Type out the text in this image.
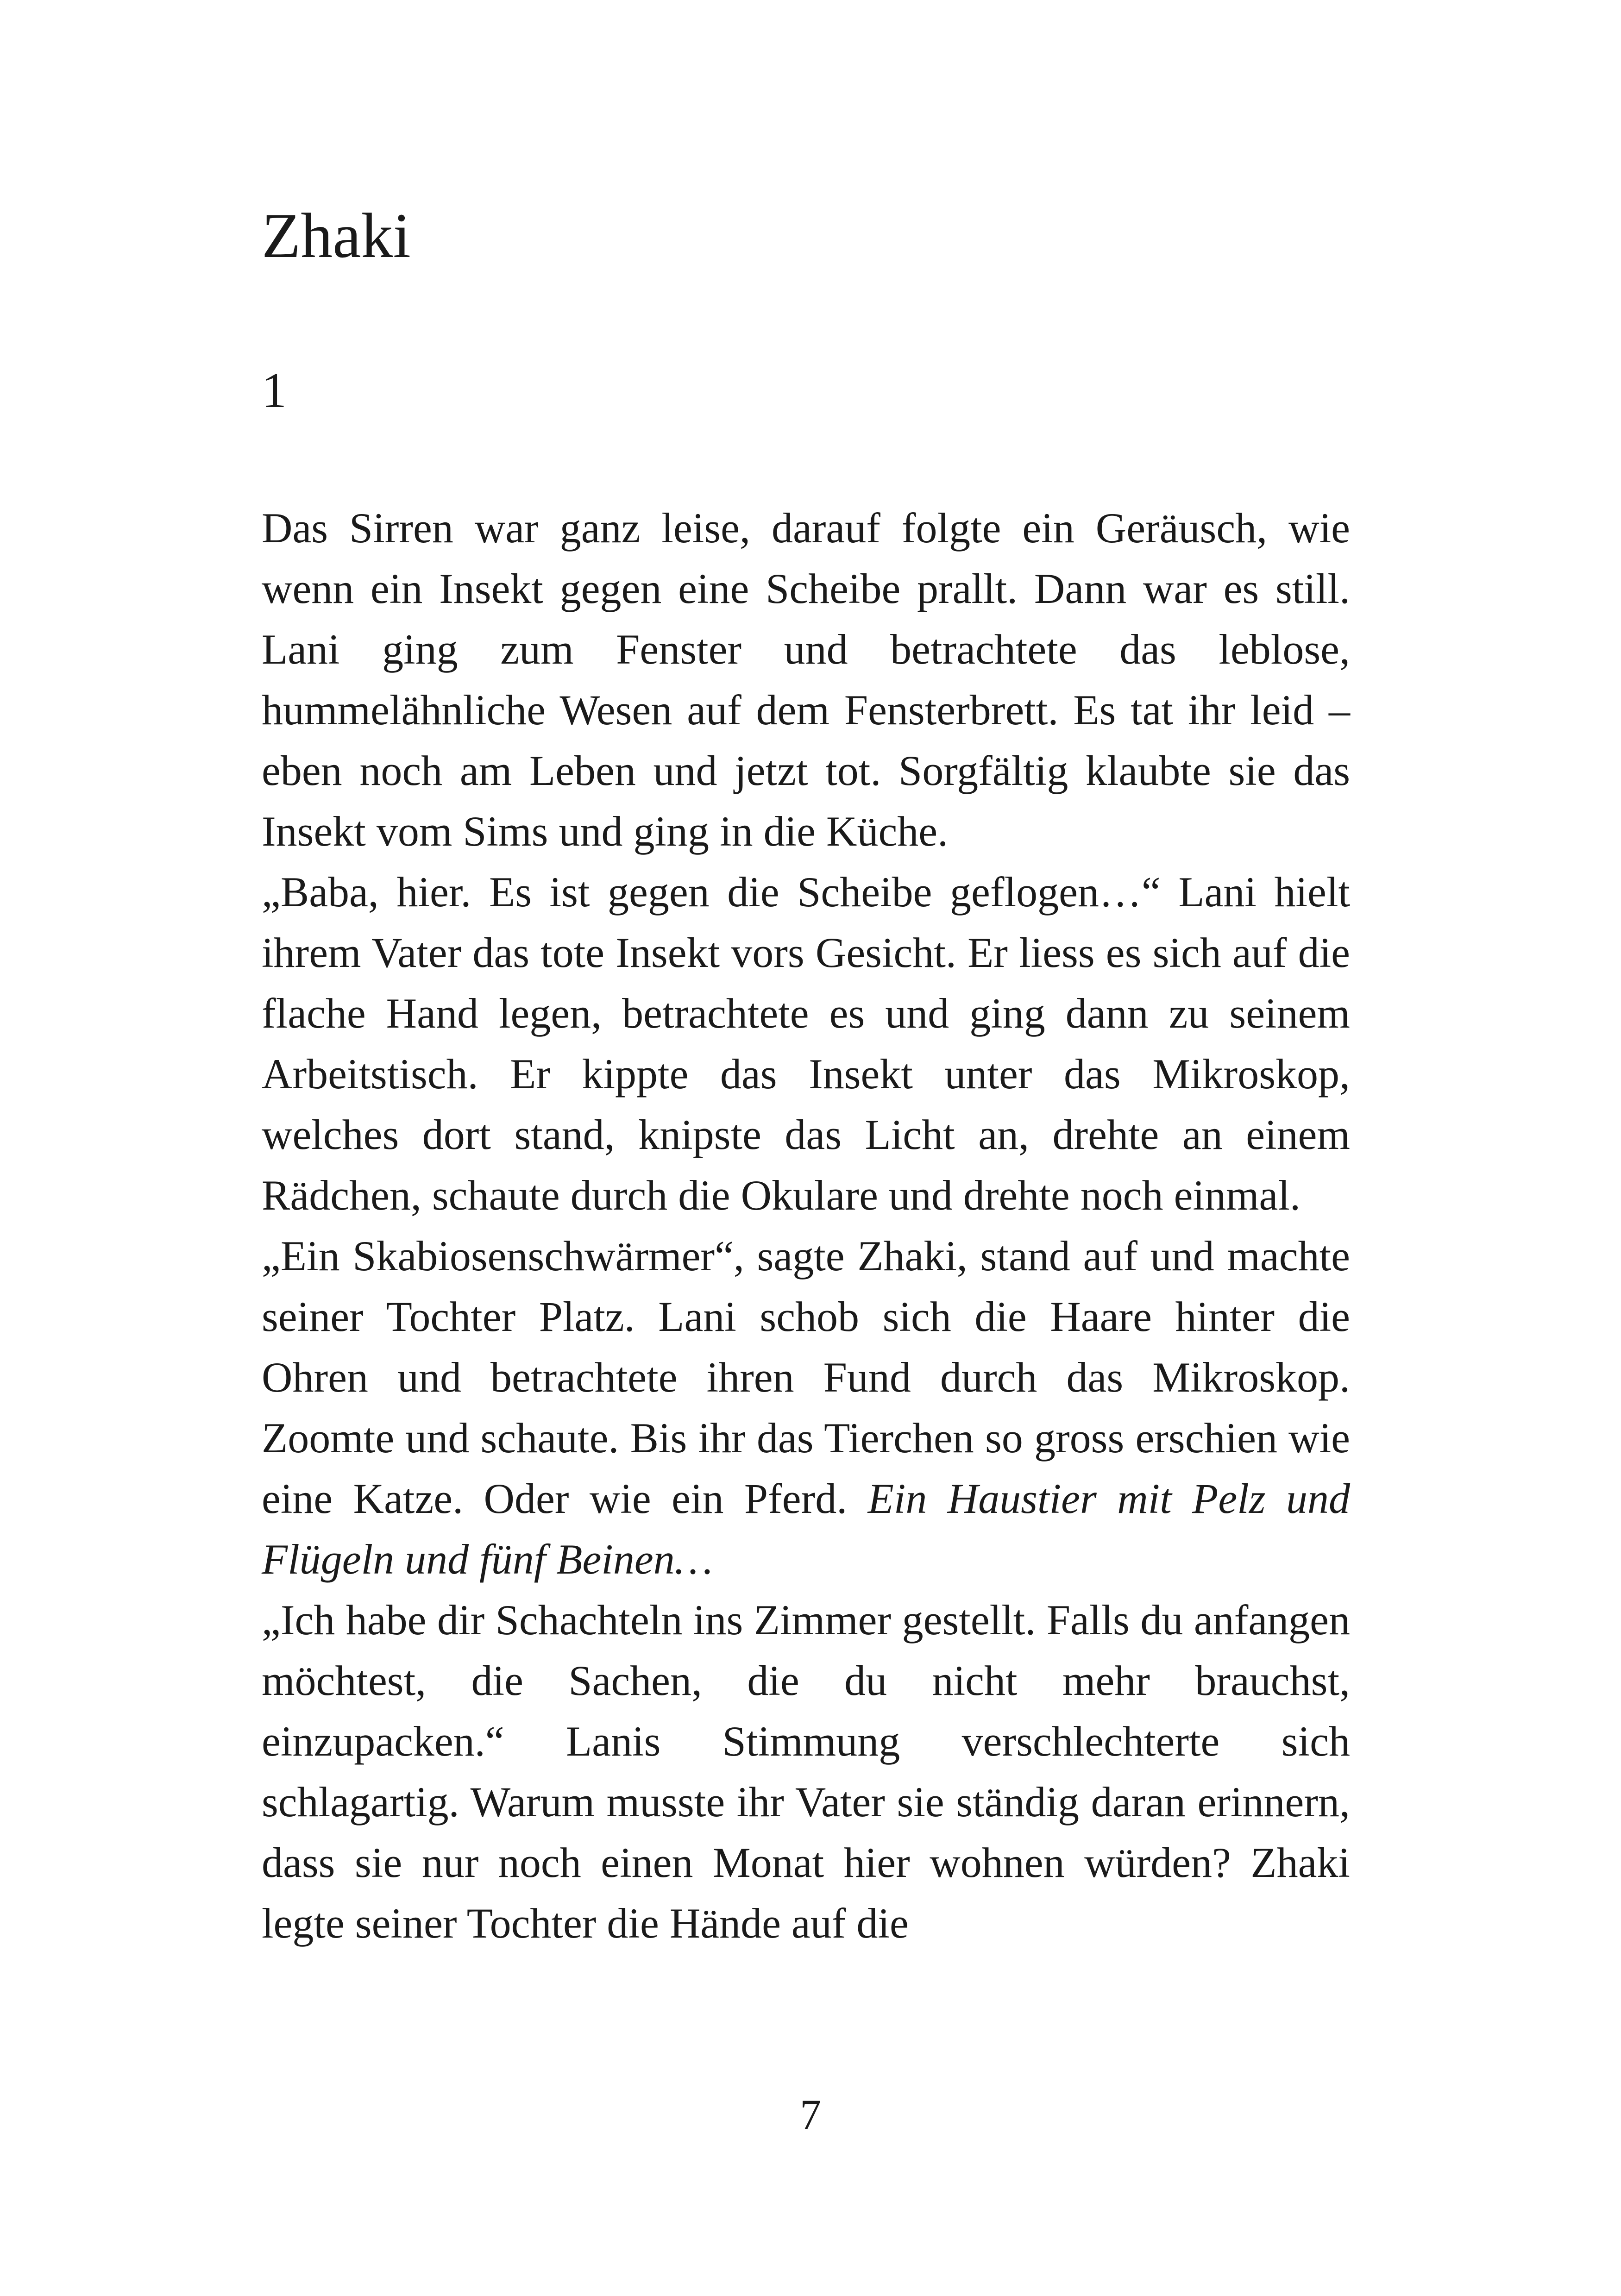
Zhaki
1

Das Sirren war ganz leise, darauf folgte ein Geräusch, wie wenn ein Insekt gegen eine Scheibe prallt. Dann war es still. Lani ging zum Fenster und betrachtete das leblose, hummelähnliche Wesen auf dem Fensterbrett. Es tat ihr leid – eben noch am Leben und jetzt tot. Sorgfältig klaubte sie das Insekt vom Sims und ging in die Küche.

„Baba, hier. Es ist gegen die Scheibe geflogen…“ Lani hielt ihrem Vater das tote Insekt vors Gesicht. Er liess es sich auf die flache Hand legen, betrachtete es und ging dann zu seinem Arbeitstisch. Er kippte das Insekt unter das Mikroskop, welches dort stand, knipste das Licht an, drehte an einem Rädchen, schaute durch die Okulare und drehte noch einmal.

„Ein Skabiosenschwärmer“, sagte Zhaki, stand auf und machte seiner Tochter Platz. Lani schob sich die Haare hinter die Ohren und betrachtete ihren Fund durch das Mikroskop. Zoomte und schaute. Bis ihr das Tierchen so gross erschien wie eine Katze. Oder wie ein Pferd. Ein Haustier mit Pelz und Flügeln und fünf Beinen…

„Ich habe dir Schachteln ins Zimmer gestellt. Falls du anfangen möchtest, die Sachen, die du nicht mehr brauchst, einzupacken.“ Lanis Stimmung verschlechterte sich schlagartig. Warum musste ihr Vater sie ständig daran erinnern, dass sie nur noch einen Monat hier wohnen würden? Zhaki legte seiner Tochter die Hände auf die

7
